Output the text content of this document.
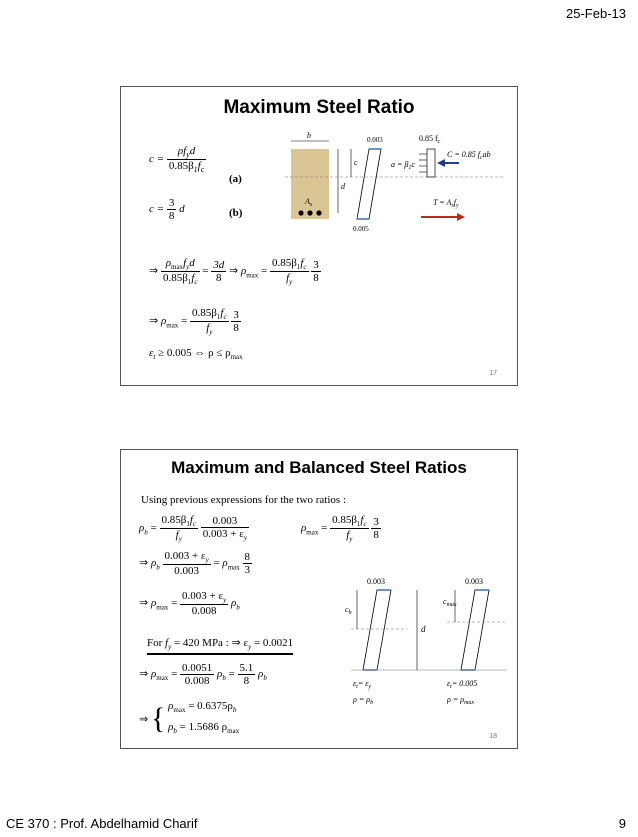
25-Feb-13
Maximum Steel Ratio
$c = \frac{\rho f_yd}{0.85\beta_1f_c}$
(a)
$c = \frac{3}{8}$ d	(b)
⇒ $\frac{\rho_{max}f_yd}{0.85\beta_1f_c} = \frac{3d}{8}$ ⇒ $\rho_{max} = \frac{0.85\beta_1f_c}{f_y}$
$\frac{3}{8}$
⇒ $\rho_{max} = \frac{0.85\beta_1f_c}{f_y}$
$\frac{3}{8}$
$\varepsilon_t \ge 0.005$ ⇔ $\rho \le \rho_{max}$
b
$A_s$
d
c
0.003
0.005
$a = \beta_1c$
0.85 $f_c$
C = 0.85 $f_cab$
$T = A_sf_y$
17
Maximum and Balanced Steel Ratios
Using previous expressions for the two ratios :
$\rho_b = \frac{0.85\beta_1f_c}{f_y}$
$\frac{0.003}{0.003 + \varepsilon_y}$	$\rho_{max} = \frac{0.85\beta_1f_c}{f_y}$
$\frac{3}{8}$
⇒ $\rho_b \frac{0.003 + \varepsilon_y}{0.003} = \rho_{max} \frac{8}{3}$
⇒ $\rho_{max} = \frac{0.003 + \varepsilon_y}{0.008} \rho_b$
For $f_y = 420$ MPa : ⇒ $\varepsilon_y = 0.0021$
⇒ $\rho_{max} = \frac{0.0051}{0.008} \rho_b = \frac{5.1}{8} \rho_b$
⇒ { $\rho_{max} = 0.6375\rho_b$
$\rho_b = 1.5686$ $\rho_{max}$
0.003	0.003
$c_b$
$c_{max}$
d
$\varepsilon_t= \varepsilon_y$	$\varepsilon_t= 0.005$
$\rho = \rho_b$	$\rho = \rho_{max}$
18
CE 370 : Prof. Abdelhamid Charif	9
